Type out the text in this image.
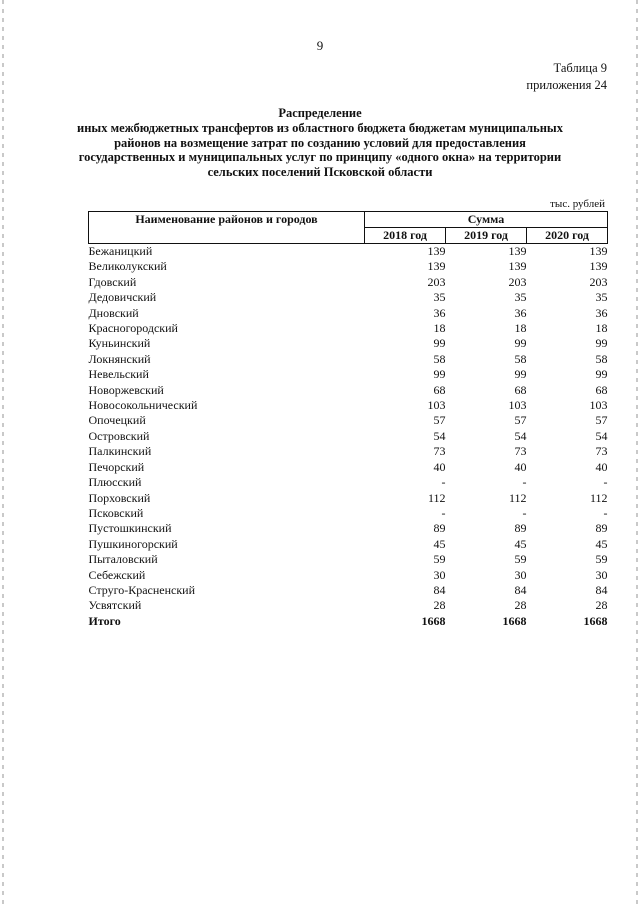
9
Таблица 9
приложения 24
Распределение
иных межбюджетных трансфертов из областного бюджета бюджетам муниципальных
районов на возмещение затрат по созданию условий для предоставления
государственных и муниципальных услуг по принципу «одного окна» на территории
сельских поселений Псковской области
тыс. рублей
Наименование районов и городов	Сумма		
	2018 год	2019 год	2020 год
Бежаницкий	139	139	139
Великолукский	139	139	139
Гдовский	203	203	203
Дедовичский	35	35	35
Дновский	36	36	36
Красногородский	18	18	18
Куньинский	99	99	99
Локнянский	58	58	58
Невельский	99	99	99
Новоржевский	68	68	68
Новосокольнический	103	103	103
Опочецкий	57	57	57
Островский	54	54	54
Палкинский	73	73	73
Печорский	40	40	40
Плюсский	-	-	-
Порховский	112	112	112
Псковский	-	-	-
Пустошкинский	89	89	89
Пушкиногорский	45	45	45
Пыталовский	59	59	59
Себежский	30	30	30
Струго-Красненский	84	84	84
Усвятский	28	28	28
Итого	1668	1668	1668
